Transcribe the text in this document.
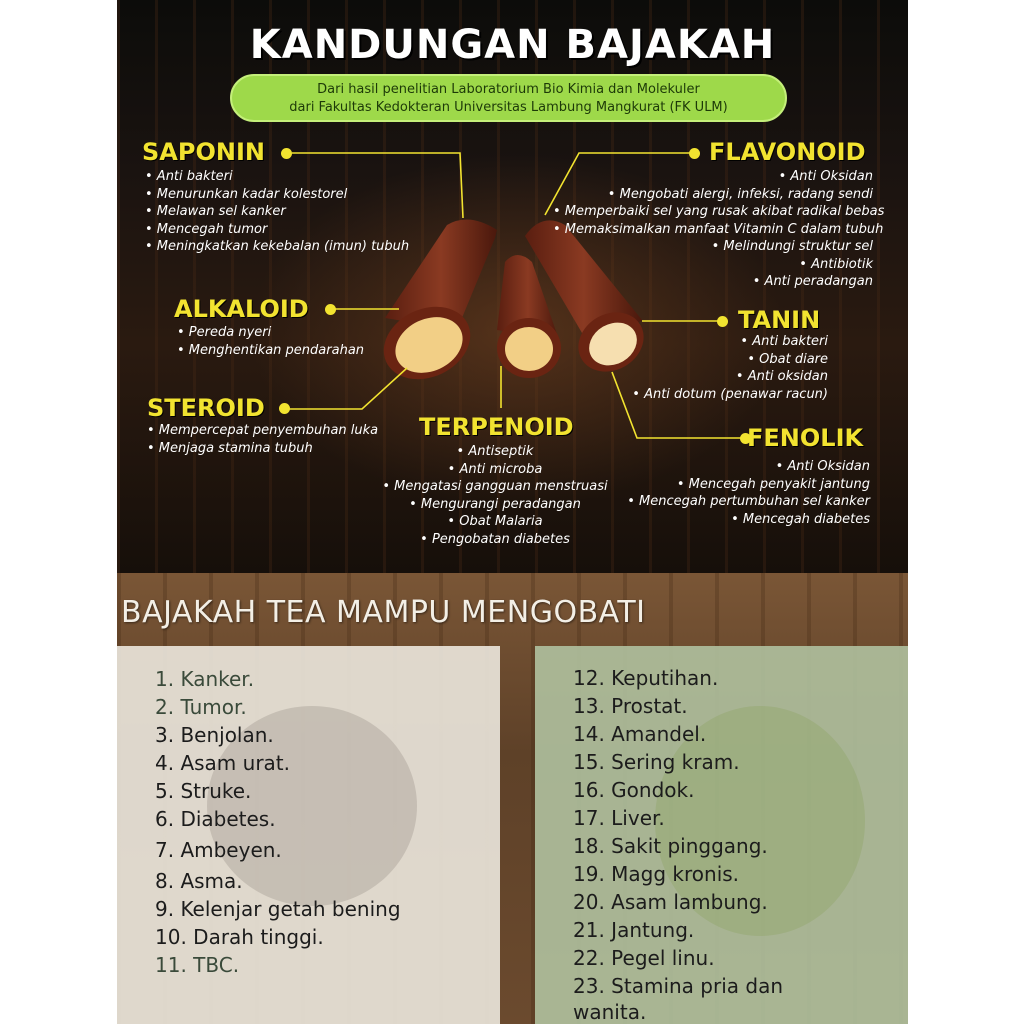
KANDUNGAN BAJAKAH
Dari hasil penelitian Laboratorium Bio Kimia dan Molekuler
dari Fakultas Kedokteran Universitas Lambung Mangkurat (FK ULM)
SAPONIN
• Anti bakteri
• Menurunkan kadar kolestorel
• Melawan sel kanker
• Mencegah tumor
• Meningkatkan kekebalan (imun) tubuh
ALKALOID
• Pereda nyeri
• Menghentikan pendarahan
STEROID
• Mempercepat penyembuhan luka
• Menjaga stamina tubuh
TERPENOID
• Antiseptik
• Anti microba
• Mengatasi gangguan menstruasi
• Mengurangi peradangan
• Obat Malaria
• Pengobatan diabetes
FLAVONOID
• Anti Oksidan
• Mengobati alergi, infeksi, radang sendi
• Memperbaiki sel yang rusak akibat radikal bebas
• Memaksimalkan manfaat Vitamin C dalam tubuh
• Melindungi struktur sel
• Antibiotik
• Anti peradangan
TANIN
• Anti bakteri
• Obat diare
• Anti oksidan
• Anti dotum (penawar racun)
FENOLIK
• Anti Oksidan
• Mencegah penyakit jantung
• Mencegah pertumbuhan sel kanker
• Mencegah diabetes
BAJAKAH TEA MAMPU MENGOBATI
1. Kanker.
2. Tumor.
3. Benjolan.
4. Asam urat.
5. Struke.
6. Diabetes.
7. Ambeyen.
8. Asma.
9. Kelenjar getah bening
10. Darah tinggi.
11. TBC.
12. Keputihan.
13. Prostat.
14. Amandel.
15. Sering kram.
16. Gondok.
17. Liver.
18. Sakit pinggang.
19. Magg kronis.
20. Asam lambung.
21. Jantung.
22. Pegel linu.
23. Stamina pria dan
wanita.
